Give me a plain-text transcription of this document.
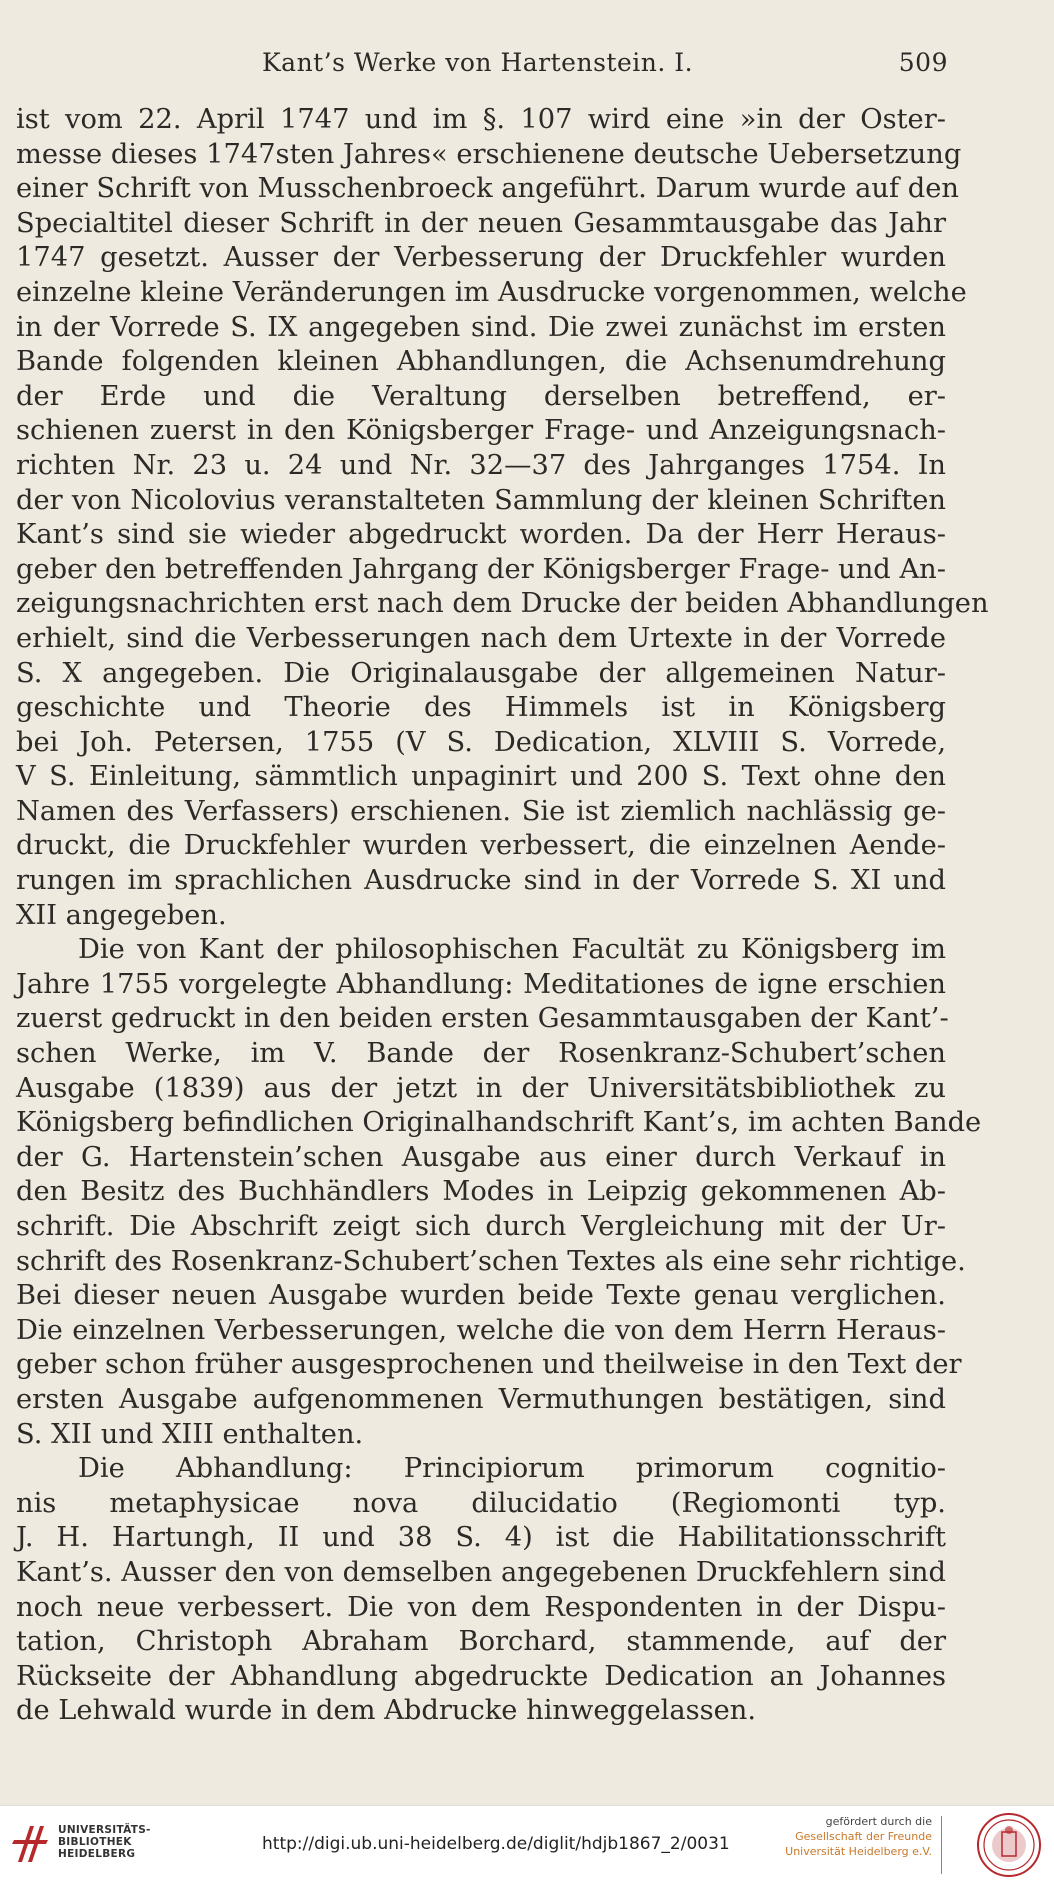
Kant’s Werke von Hartenstein. I.	509
ist vom 22. April 1747 und im §. 107 wird eine »in der Oster-
messe dieses 1747sten Jahres« erschienene deutsche Uebersetzung
einer Schrift von Musschenbroeck angeführt. Darum wurde auf den
Specialtitel dieser Schrift in der neuen Gesammtausgabe das Jahr
1747 gesetzt. Ausser der Verbesserung der Druckfehler wurden
einzelne kleine Veränderungen im Ausdrucke vorgenommen, welche
in der Vorrede S. IX angegeben sind. Die zwei zunächst im ersten
Bande folgenden kleinen Abhandlungen, die Achsenumdrehung
der Erde und die Veraltung derselben betreffend, er-
schienen zuerst in den Königsberger Frage- und Anzeigungsnach-
richten Nr. 23 u. 24 und Nr. 32—37 des Jahrganges 1754. In
der von Nicolovius veranstalteten Sammlung der kleinen Schriften
Kant’s sind sie wieder abgedruckt worden. Da der Herr Heraus-
geber den betreffenden Jahrgang der Königsberger Frage- und An-
zeigungsnachrichten erst nach dem Drucke der beiden Abhandlungen
erhielt, sind die Verbesserungen nach dem Urtexte in der Vorrede
S. X angegeben. Die Originalausgabe der allgemeinen Natur-
geschichte und Theorie des Himmels ist in Königsberg
bei Joh. Petersen, 1755 (V S. Dedication, XLVIII S. Vorrede,
V S. Einleitung, sämmtlich unpaginirt und 200 S. Text ohne den
Namen des Verfassers) erschienen. Sie ist ziemlich nachlässig ge-
druckt, die Druckfehler wurden verbessert, die einzelnen Aende-
rungen im sprachlichen Ausdrucke sind in der Vorrede S. XI und
XII angegeben.
Die von Kant der philosophischen Facultät zu Königsberg im
Jahre 1755 vorgelegte Abhandlung: Meditationes de igne erschien
zuerst gedruckt in den beiden ersten Gesammtausgaben der Kant’-
schen Werke, im V. Bande der Rosenkranz-Schubert’schen
Ausgabe (1839) aus der jetzt in der Universitätsbibliothek zu
Königsberg befindlichen Originalhandschrift Kant’s, im achten Bande
der G. Hartenstein’schen Ausgabe aus einer durch Verkauf in
den Besitz des Buchhändlers Modes in Leipzig gekommenen Ab-
schrift. Die Abschrift zeigt sich durch Vergleichung mit der Ur-
schrift des Rosenkranz-Schubert’schen Textes als eine sehr richtige.
Bei dieser neuen Ausgabe wurden beide Texte genau verglichen.
Die einzelnen Verbesserungen, welche die von dem Herrn Heraus-
geber schon früher ausgesprochenen und theilweise in den Text der
ersten Ausgabe aufgenommenen Vermuthungen bestätigen, sind
S. XII und XIII enthalten.
Die Abhandlung: Principiorum primorum cognitio-
nis metaphysicae nova dilucidatio (Regiomonti typ.
J. H. Hartungh, II und 38 S. 4) ist die Habilitationsschrift
Kant’s. Ausser den von demselben angegebenen Druckfehlern sind
noch neue verbessert. Die von dem Respondenten in der Dispu-
tation, Christoph Abraham Borchard, stammende, auf der
Rückseite der Abhandlung abgedruckte Dedication an Johannes
de Lehwald wurde in dem Abdrucke hinweggelassen.
UNIVERSITÄTS-
BIBLIOTHEK
HEIDELBERG	http://digi.ub.uni-heidelberg.de/diglit/hdjb1867_2/0031
gefördert durch die
Gesellschaft der Freunde
Universität Heidelberg e.V.
